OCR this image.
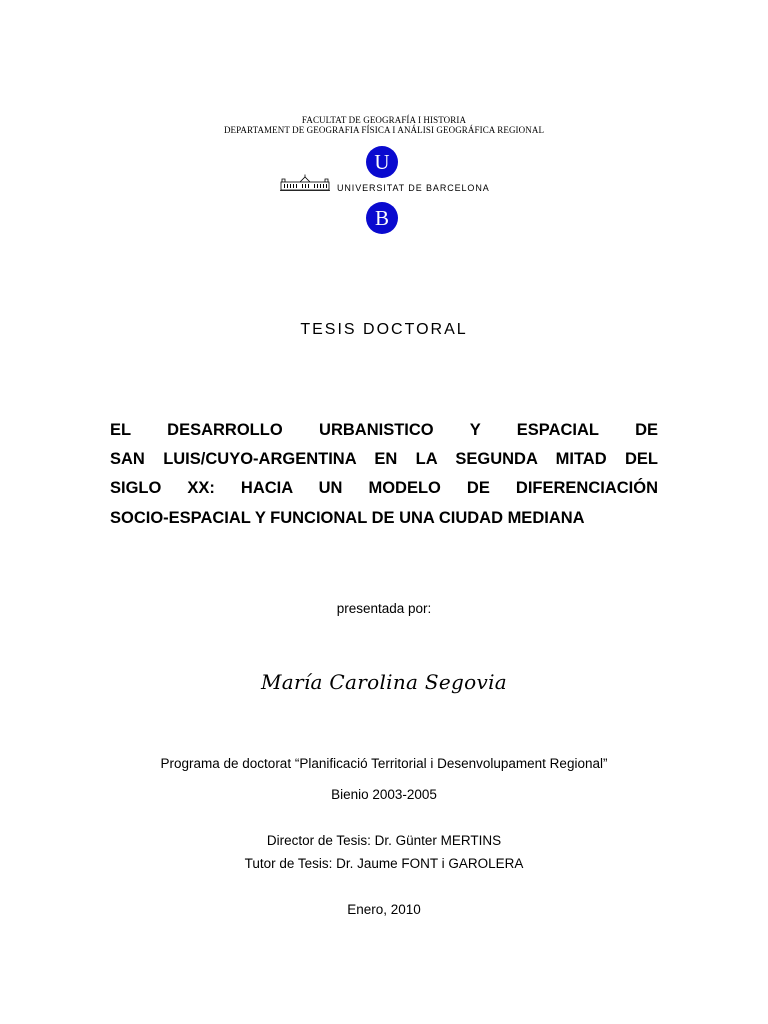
FACULTAT DE GEOGRAFÍA I HISTORIA
DEPARTAMENT DE GEOGRAFIA FÍSICA I ANÁLISI GEOGRÁFICA REGIONAL
U
UNIVERSITAT DE BARCELONA
B
TESIS DOCTORAL
EL DESARROLLO URBANISTICO Y ESPACIAL DE
SAN LUIS/CUYO-ARGENTINA EN LA SEGUNDA MITAD DEL
SIGLO XX: HACIA UN MODELO DE DIFERENCIACIÓN
SOCIO-ESPACIAL Y FUNCIONAL DE UNA CIUDAD MEDIANA
presentada por:
María Carolina Segovia
Programa de doctorat “Planificació Territorial i Desenvolupament Regional”
Bienio 2003-2005
Director de Tesis: Dr. Günter MERTINS
Tutor de Tesis: Dr. Jaume FONT i GAROLERA
Enero, 2010
